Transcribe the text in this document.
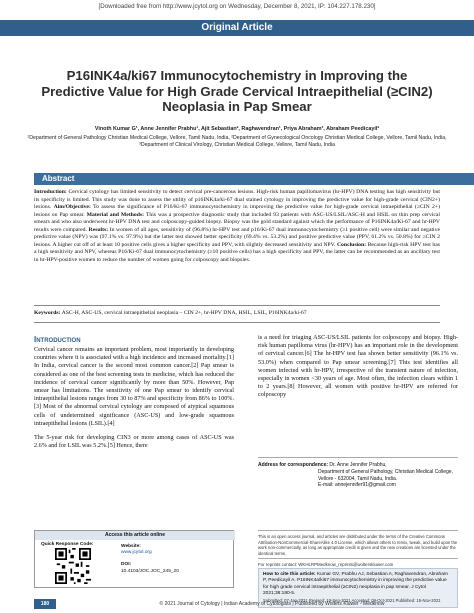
[Downloaded free from http://www.jcytol.org on Wednesday, December 8, 2021, IP: 104.227.178.230]
Original Article
P16INK4a/ki67 Immunocytochemistry in Improving the Predictive Value for High Grade Cervical Intraepithelial (≥CIN2) Neoplasia in Pap Smear
Vinoth Kumar G¹, Anne Jennifer Prabhu¹, Ajit Sebastian², Raghavendran¹, Priya Abraham³, Abraham Peedicayil²
¹Department of General Pathology Christian Medical College, Vellore, Tamil Nadu, India, ²Department of Gynecological Oncology Christian Medical College, Vellore, Tamil Nadu, India, ³Department of Clinical Virology, Christian Medical College, Vellore, Tamil Nadu, India
Abstract
Introduction: Cervical cytology has limited sensitivity to detect cervical pre-cancerous lesions. High-risk human papillomavirus (hr-HPV) DNA testing has high sensitivity but its specificity is limited. This study was done to assess the utility of p16INK4a/ki-67 dual stained cytology in improving the predictive value for high-grade cervical (CIN2+) lesions. Aim/Objective: To assess the significance of P16/Ki-67 immunocytochemistry in improving the predictive value for high-grade cervical intraepithelial (≥CIN 2+) lesions on Pap smear. Material and Methods: This was a prospective diagnostic study that included 93 patients with ASC-US/LSIL/ASC-H and HSIL on thin prep cervical smears and who also underwent hr-HPV DNA test and colposcopy-guided biopsy. Biopsy was the gold standard against which the performance of P16INK4a/Ki-67 and hr-HPV results were compared. Results: In women of all ages, sensitivity of (96.8%) hr-HPV test and p16/Ki-67 dual immunocytochemistry (≥1 positive cell) were similar and negative predictive value (NPV) was (97.1% vs. 97.9%) but the latter test showed better specificity (69.4% vs. 53.2%) and positive predictive value (PPV, 61.2% vs. 50.8%) for ≥CIN 2 lesions. A higher cut off of at least 10 positive cells gives a higher specificity and PPV, with slightly decreased sensitivity and NPV. Conclusion: Because high-risk HPV test has a high sensitivity and NPV, whereas P16/Ki-67 dual immunocytochemistry (≥10 positive cells) has a high specificity and PPV, the latter can be recommended as an ancillary test in hr-HPV-positive women to reduce the number of women going for colposcopy and biopsies.
Keywords: ASC-H, ASC-US, cervical intraepithelial neoplasia – CIN 2+, hr-HPV DNA, HSIL, LSIL, P16INK4a/ki-67
Introduction
Cervical cancer remains an important problem, most importantly in developing countries where it is associated with a high incidence and increased mortality.[1] In India, cervical cancer is the second most common cancer.[2] Pap smear is considered as one of the best screening tests in medicine, which has reduced the incidence of cervical cancer significantly by more than 50%. However, Pap smear has limitations. The sensitivity of one Pap smear to identify cervical intraepithelial lesions ranges from 30 to 87% and specificity from 86% to 100%.[3] Most of the abnormal cervical cytology are composed of atypical squamous cells of undetermined significance (ASC-US) and low-grade squamous intraepithelial lesions (LSIL).[4]
The 5-year risk for developing CIN3 or more among cases of ASC-US was 2.6% and for LSIL was 5.2%.[5] Hence, there
is a need for triaging ASC-US/LSIL patients for colposcopy and biopsy. High-risk human papilloma virus (hr-HPV) has an important role in the development of cervical cancer.[6] The hr-HPV test has shown better sensitivity (96.1% vs. 53.0%) when compared to Pap smear screening.[7] This test identifies all women infected with hr-HPV, irrespective of the transient nature of infection, especially in women <30 years of age. Most often, the infection clears within 1 to 2 years.[8] However, all women with positive hr-HPV are referred for colposcopy
Address for correspondence: Dr. Anne Jennifer Prabhu,
Department of General Pathology, Christian Medical College,
Vellore - 632004, Tamil Nadu, India.
E-mail: annejennifer91@gmail.com
This is an open access journal, and articles are distributed under the terms of the Creative Commons Attribution-NonCommercial-ShareAlike 4.0 License, which allows others to remix, tweak, and build upon the work non-commercially, as long as appropriate credit is given and the new creations are licensed under the identical terms.
For reprints contact: WKHLRPMedknow_reprints@wolterskluwer.com
How to cite this article: Kumar GV, Prabhu AJ, Sebastian A, Raghavendran, Abraham P, Peedicayil A. P16INK4a/ki67 immunocytochemistry in improving the predictive value for high grade cervical intraepithelial (≥CIN2) neoplasia in pap smear. J Cytol 2021;38:180-5.
Submitted: 07-Jan-2021 Revised: 19-Sep-2021 Accepted: 09-Oct-2021 Published: 15-Nov-2021
Access this article online
Quick Response Code:	Website:
www.jcytol.org
DOI:
10.4103/JOC.JOC_245_20
180	© 2021 Journal of Cytology | Indian Academy of Cytologists | Published by Wolters Kluwer - Medknow
